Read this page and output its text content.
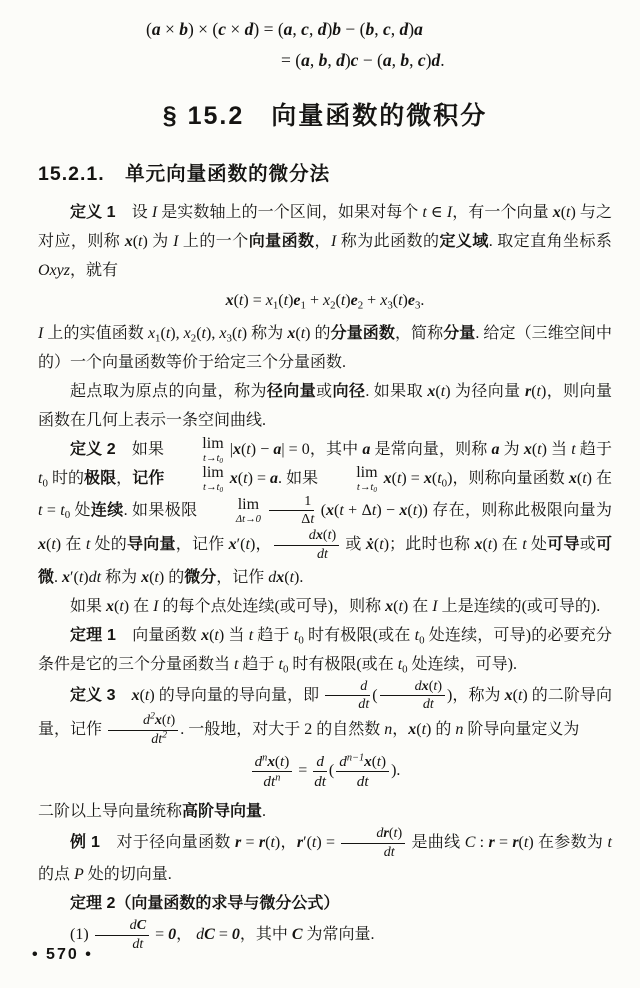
(a × b) × (c × d) = (a, c, d)b − (b, c, d)a
= (a, b, d)c − (a, b, c)d.
§ 15.2　向量函数的微积分
15.2.1.　单元向量函数的微分法
定义 1　设 I 是实数轴上的一个区间，如果对每个 t ∈ I，有一个向量 x(t) 与之对应，则称 x(t) 为 I 上的一个向量函数，I 称为此函数的定义域. 取定直角坐标系 Oxyz，就有
$x(t) = x_1(t)e_1 + x_2(t)e_2 + x_3(t)e_3$.
I 上的实值函数 $x_1(t)$, $x_2(t)$, $x_3(t)$ 称为 x(t) 的分量函数，简称分量. 给定（三维空间中的）一个向量函数等价于给定三个分量函数.
起点取为原点的向量，称为径向量或向径. 如果取 x(t) 为径向量 r(t)，则向量函数在几何上表示一条空间曲线.
定义 2　如果	lim
$t\to t_0$
|x(t) − a| = 0，其中 a 是常向量，则称 a 为 x(t) 当 t 趋于 $t_0$ 时的极限，记作	lim
$t\to t_0$
x(t) = a. 如果	lim
$t\to t_0$
$x(t) = x(t_0)$，则称向量函数 x(t) 在 $t = t_0$ 处连续. 如果极限	lim
Δt→0
$\frac{1}{\Delta t} (x(t + \Delta t) - x(t))$ 存在，则称此极限向量为 x(t) 在 t 处的导向量，记作 x′(t)， $\frac{dx(t)}{dt}$ 或 ẋ(t)；此时也称 x(t) 在 t 处可导或可微. x′(t)dt 称为 x(t) 的微分，记作 dx(t).
如果 x(t) 在 I 的每个点处连续(或可导)，则称 x(t) 在 I 上是连续的(或可导的).
定理 1　向量函数 x(t) 当 t 趋于 $t_0$ 时有极限(或在 $t_0$ 处连续，可导)的必要充分条件是它的三个分量函数当 t 趋于 $t_0$ 时有极限(或在 $t_0$ 处连续，可导).
定义 3　 x(t) 的导向量的导向量，即 $\frac{d}{dt}$ ( $\frac{dx(t)}{dt}$ )，称为 x(t) 的二阶导向量，记作 $\frac{d^2x(t)}{dt^2}$ . 一般地，对大于 2 的自然数 n，x(t) 的 n 阶导向量定义为
$\frac{d^nx(t)}{dt^n} = \frac{d}{dt}$ ( $\frac{d^{n-1}x(t)}{dt}$ ).
二阶以上导向量统称高阶导向量.
例 1　对于径向量函数 r = r(t)，$r'(t) = \frac{dr(t)}{dt}$ 是曲线 C : r = r(t) 在参数为 t 的点 P 处的切向量.
定理 2（向量函数的求导与微分公式）
$(1) \frac{dC}{dt} = 0$， dC = 0，其中 C 为常向量.
• 570 •
